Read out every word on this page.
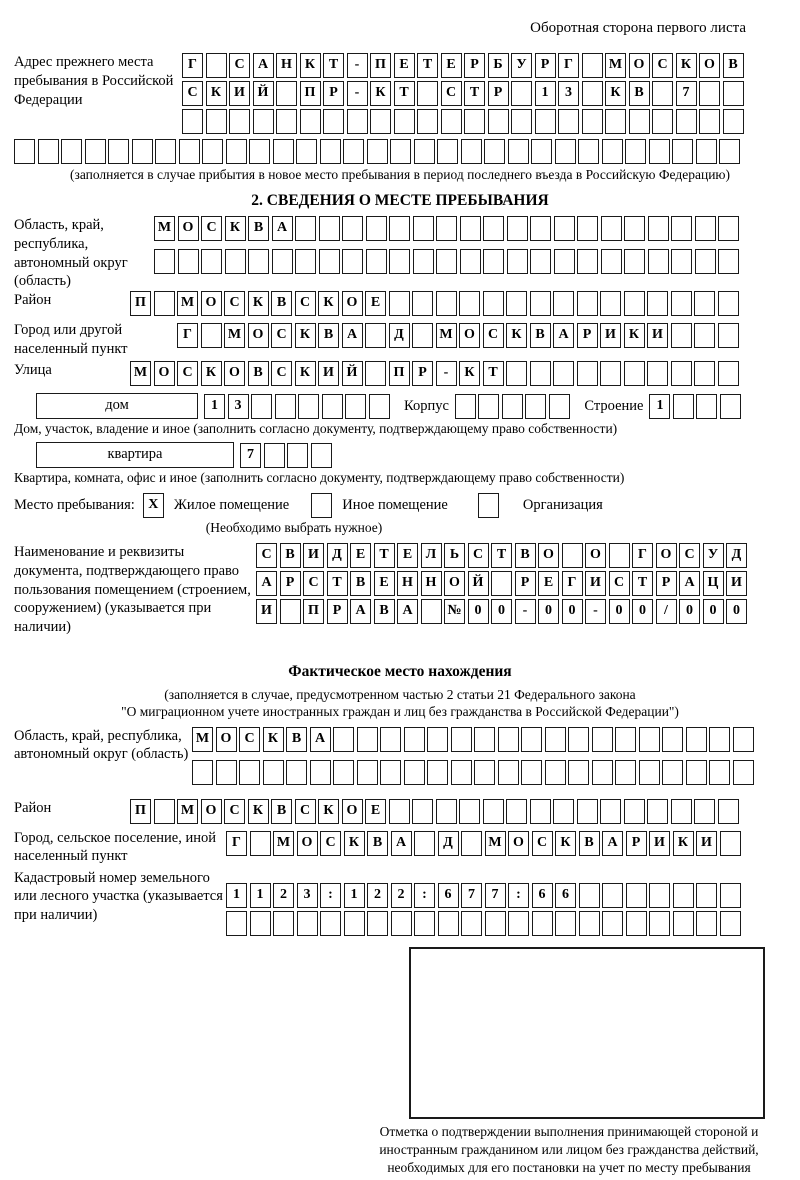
Оборотная сторона первого листа
Адрес прежнего места пребывания в Российской Федерации
Г	С А Н К Т	-	П Е	Т	Е	Р	Б У	Р	Г	М О С К О В
С К И Й	П Р	-	К Т	С Т	Р	1	3	К В	7
(заполняется в случае прибытия в новое место пребывания в период последнего въезда в Российскую Федерацию)
2. СВЕДЕНИЯ О МЕСТЕ ПРЕБЫВАНИЯ
Область, край, республика, автономный округ (область)
М О С К В А
Район	П	М О С К В С К О Е
Город или другой населенный пункт
Г	М О С К В А	Д	М О С К В А	Р И К И
Улица	М О С К О В С К И Й	П Р	-	К Т
дом	1	3	Корпус	Строение 1
Дом, участок, владение и иное (заполнить согласно документу, подтверждающему право собственности)
квартира	7
Квартира, комната, офис и иное (заполнить согласно документу, подтверждающему право собственности)
Место пребывания: X	Жилое помещение	Иное помещение	Организация
(Необходимо выбрать нужное)
Наименование и реквизиты документа, подтверждающего право пользования помещением (строением, сооружением) (указывается при наличии)
С В И Д	Е	Т	Е Л Ь С Т	В О	О	Г О С У Д
А	Р	С Т	В	Е Н Н О Й	Р	Е	Г И С Т	Р	А Ц И
И	П Р	А В А	№ 0	0	-	0	0	-	0	0	/	0	0	0
Фактическое место нахождения
(заполняется в случае, предусмотренном частью 2 статьи 21 Федерального закона
"О миграционном учете иностранных граждан и лиц без гражданства в Российской Федерации")
Область, край, республика, автономный округ (область)
М О С К В А
Район	П	М О С К В С К О Е
Город, сельское поселение, иной населенный пункт
Г	М О С К В А	Д	М О С К В А	Р И К И
Кадастровый номер земельного или лесного участка (указывается при наличии)
1	1	2	3	:	1	2	2	:	6	7	7	:	6	6
Отметка о подтверждении выполнения принимающей стороной и иностранным гражданином или лицом без гражданства действий, необходимых для его постановки на учет по месту пребывания
